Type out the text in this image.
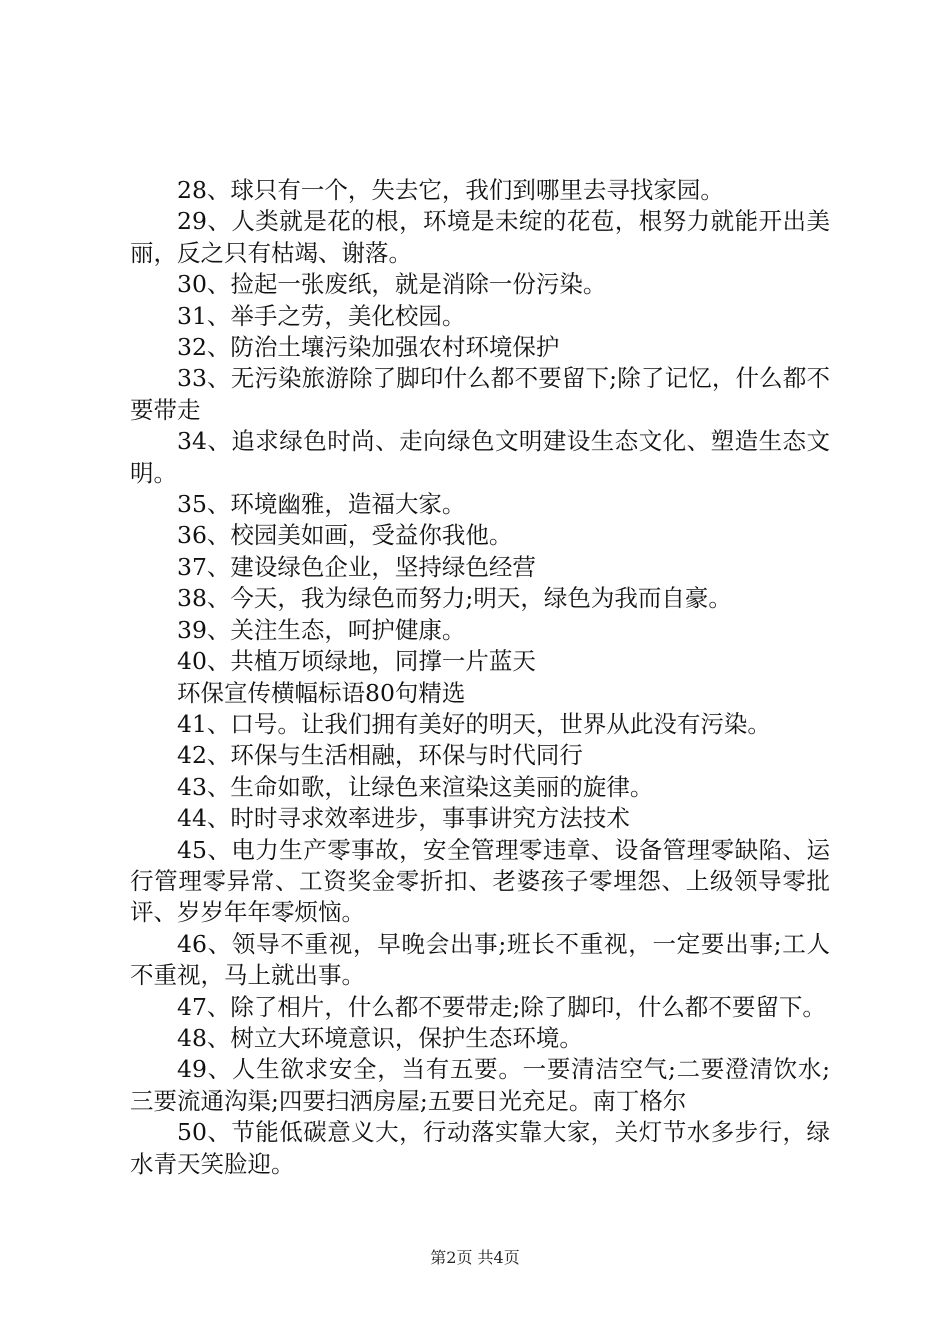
28、球只有一个，失去它，我们到哪里去寻找家园。

29、人类就是花的根，环境是未绽的花苞，根努力就能开出美丽，反之只有枯竭、谢落。

30、捡起一张废纸，就是消除一份污染。

31、举手之劳，美化校园。

32、防治土壤污染加强农村环境保护

33、无污染旅游除了脚印什么都不要留下;除了记忆，什么都不要带走

34、追求绿色时尚、走向绿色文明建设生态文化、塑造生态文明。

35、环境幽雅，造福大家。

36、校园美如画，受益你我他。

37、建设绿色企业，坚持绿色经营

38、今天，我为绿色而努力;明天，绿色为我而自豪。

39、关注生态，呵护健康。

40、共植万顷绿地，同撑一片蓝天

环保宣传横幅标语80句精选

41、口号。让我们拥有美好的明天，世界从此没有污染。

42、环保与生活相融，环保与时代同行

43、生命如歌，让绿色来渲染这美丽的旋律。

44、时时寻求效率进步，事事讲究方法技术

45、电力生产零事故，安全管理零违章、设备管理零缺陷、运行管理零异常、工资奖金零折扣、老婆孩子零埋怨、上级领导零批评、岁岁年年零烦恼。

46、领导不重视，早晚会出事;班长不重视，一定要出事;工人不重视，马上就出事。

47、除了相片，什么都不要带走;除了脚印，什么都不要留下。

48、树立大环境意识，保护生态环境。

49、人生欲求安全，当有五要。一要清洁空气;二要澄清饮水;三要流通沟渠;四要扫洒房屋;五要日光充足。南丁格尔

50、节能低碳意义大，行动落实靠大家，关灯节水多步行，绿水青天笑脸迎。

第2页 共4页
